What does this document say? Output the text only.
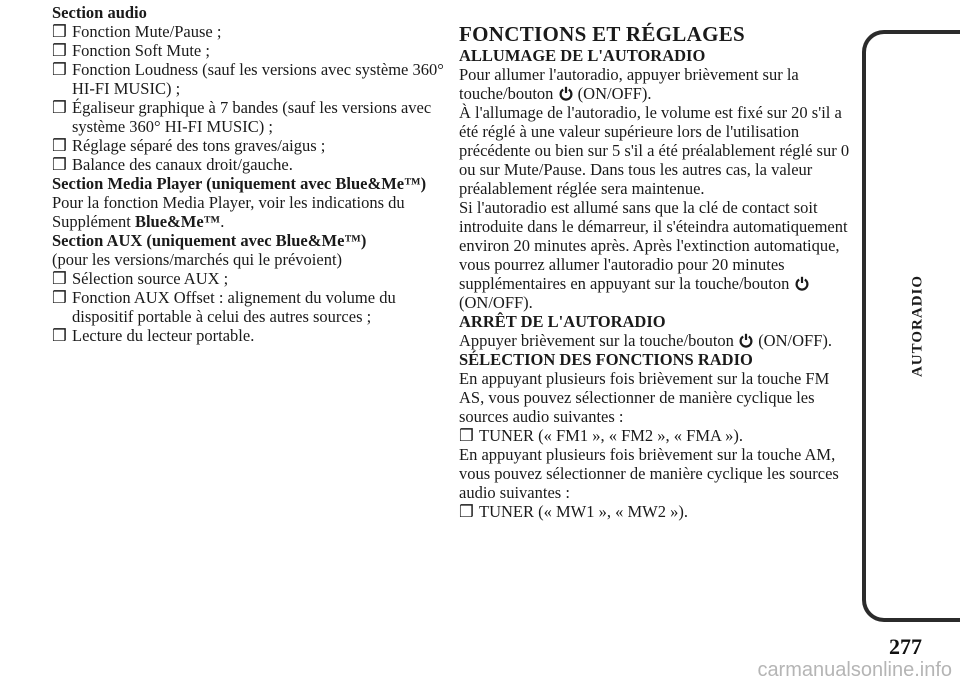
Section audio

❒ Fonction Mute/Pause ;

❒ Fonction Soft Mute ;

❒ Fonction Loudness (sauf les versions avec système 360° HI-FI MUSIC) ;

❒ Égaliseur graphique à 7 bandes (sauf les versions avec système 360° HI-FI MUSIC) ;

❒ Réglage séparé des tons graves/aigus ;

❒ Balance des canaux droit/gauche.

Section Media Player (uniquement avec Blue&Me™)

Pour la fonction Media Player, voir les indications du Supplément Blue&Me™.

Section AUX (uniquement avec Blue&Me™)

(pour les versions/marchés qui le prévoient)

❒ Sélection source AUX ;

❒ Fonction AUX Offset : alignement du volume du dispositif portable à celui des autres sources ;

❒ Lecture du lecteur portable.

FONCTIONS ET RÉGLAGES

ALLUMAGE DE L'AUTORADIO

Pour allumer l'autoradio, appuyer brièvement sur la touche/bouton  (ON/OFF).

À l'allumage de l'autoradio, le volume est fixé sur 20 s'il a été réglé à une valeur supérieure lors de l'utilisation précédente ou bien sur 5 s'il a été préalablement réglé sur 0 ou sur Mute/Pause. Dans tous les autres cas, la valeur préalablement réglée sera maintenue.

Si l'autoradio est allumé sans que la clé de contact soit introduite dans le démarreur, il s'éteindra automatiquement environ 20 minutes après. Après l'extinction automatique, vous pourrez allumer l'autoradio pour 20 minutes supplémentaires en appuyant sur la touche/bouton  (ON/OFF).

ARRÊT DE L'AUTORADIO

Appuyer brièvement sur la touche/bouton  (ON/OFF).

SÉLECTION DES FONCTIONS RADIO

En appuyant plusieurs fois brièvement sur la touche FM AS, vous pouvez sélectionner de manière cyclique les sources audio suivantes :

❒ TUNER (« FM1 », « FM2 », « FMA »).

En appuyant plusieurs fois brièvement sur la touche AM, vous pouvez sélectionner de manière cyclique les sources audio suivantes :

❒ TUNER (« MW1 », « MW2 »).

AUTORADIO
277
carmanualsonline.info
